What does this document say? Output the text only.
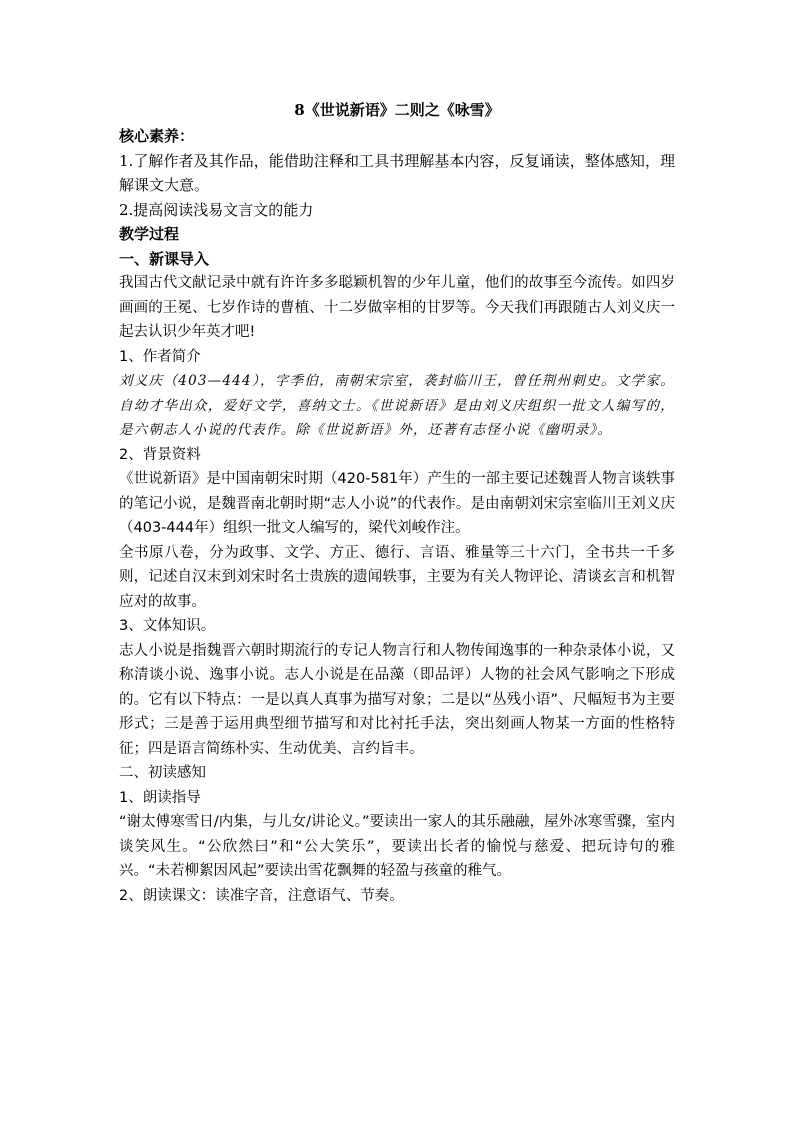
8《世说新语》二则之《咏雪》

核心素养：

1.了解作者及其作品，能借助注释和工具书理解基本内容，反复诵读，整体感知，理解课文大意。

2.提高阅读浅易文言文的能力

教学过程

一、新课导入

我国古代文献记录中就有许许多多聪颖机智的少年儿童，他们的故事至今流传。如四岁画画的王冕、七岁作诗的曹植、十二岁做宰相的甘罗等。今天我们再跟随古人刘义庆一起去认识少年英才吧!

1、作者简介

刘义庆（403—444），字季伯，南朝宋宗室，袭封临川王，曾任荆州刺史。文学家。自幼才华出众，爱好文学，喜纳文士。《世说新语》是由刘义庆组织一批文人编写的，是六朝志人小说的代表作。除《世说新语》外，还著有志怪小说《幽明录》。

2、背景资料

《世说新语》是中国南朝宋时期（420-581年）产生的一部主要记述魏晋人物言谈轶事的笔记小说，是魏晋南北朝时期“志人小说”的代表作。是由南朝刘宋宗室临川王刘义庆（403-444年）组织一批文人编写的，梁代刘峻作注。

全书原八卷，分为政事、文学、方正、德行、言语、雅量等三十六门，全书共一千多则，记述自汉末到刘宋时名士贵族的遗闻轶事，主要为有关人物评论、清谈玄言和机智应对的故事。

3、文体知识。

志人小说是指魏晋六朝时期流行的专记人物言行和人物传闻逸事的一种杂录体小说，又称清谈小说、逸事小说。志人小说是在品藻（即品评）人物的社会风气影响之下形成的。它有以下特点：一是以真人真事为描写对象；二是以“丛残小语”、尺幅短书为主要形式；三是善于运用典型细节描写和对比衬托手法，突出刻画人物某一方面的性格特征；四是语言简练朴实、生动优美、言约旨丰。

二、初读感知

1、朗读指导

“谢太傅寒雪日/内集，与儿女/讲论义。”要读出一家人的其乐融融，屋外冰寒雪骤，室内谈笑风生。“公欣然曰”和“公大笑乐”，要读出长者的愉悦与慈爱、把玩诗句的雅兴。“未若柳絮因风起”要读出雪花飘舞的轻盈与孩童的稚气。

2、朗读课文：读准字音，注意语气、节奏。
